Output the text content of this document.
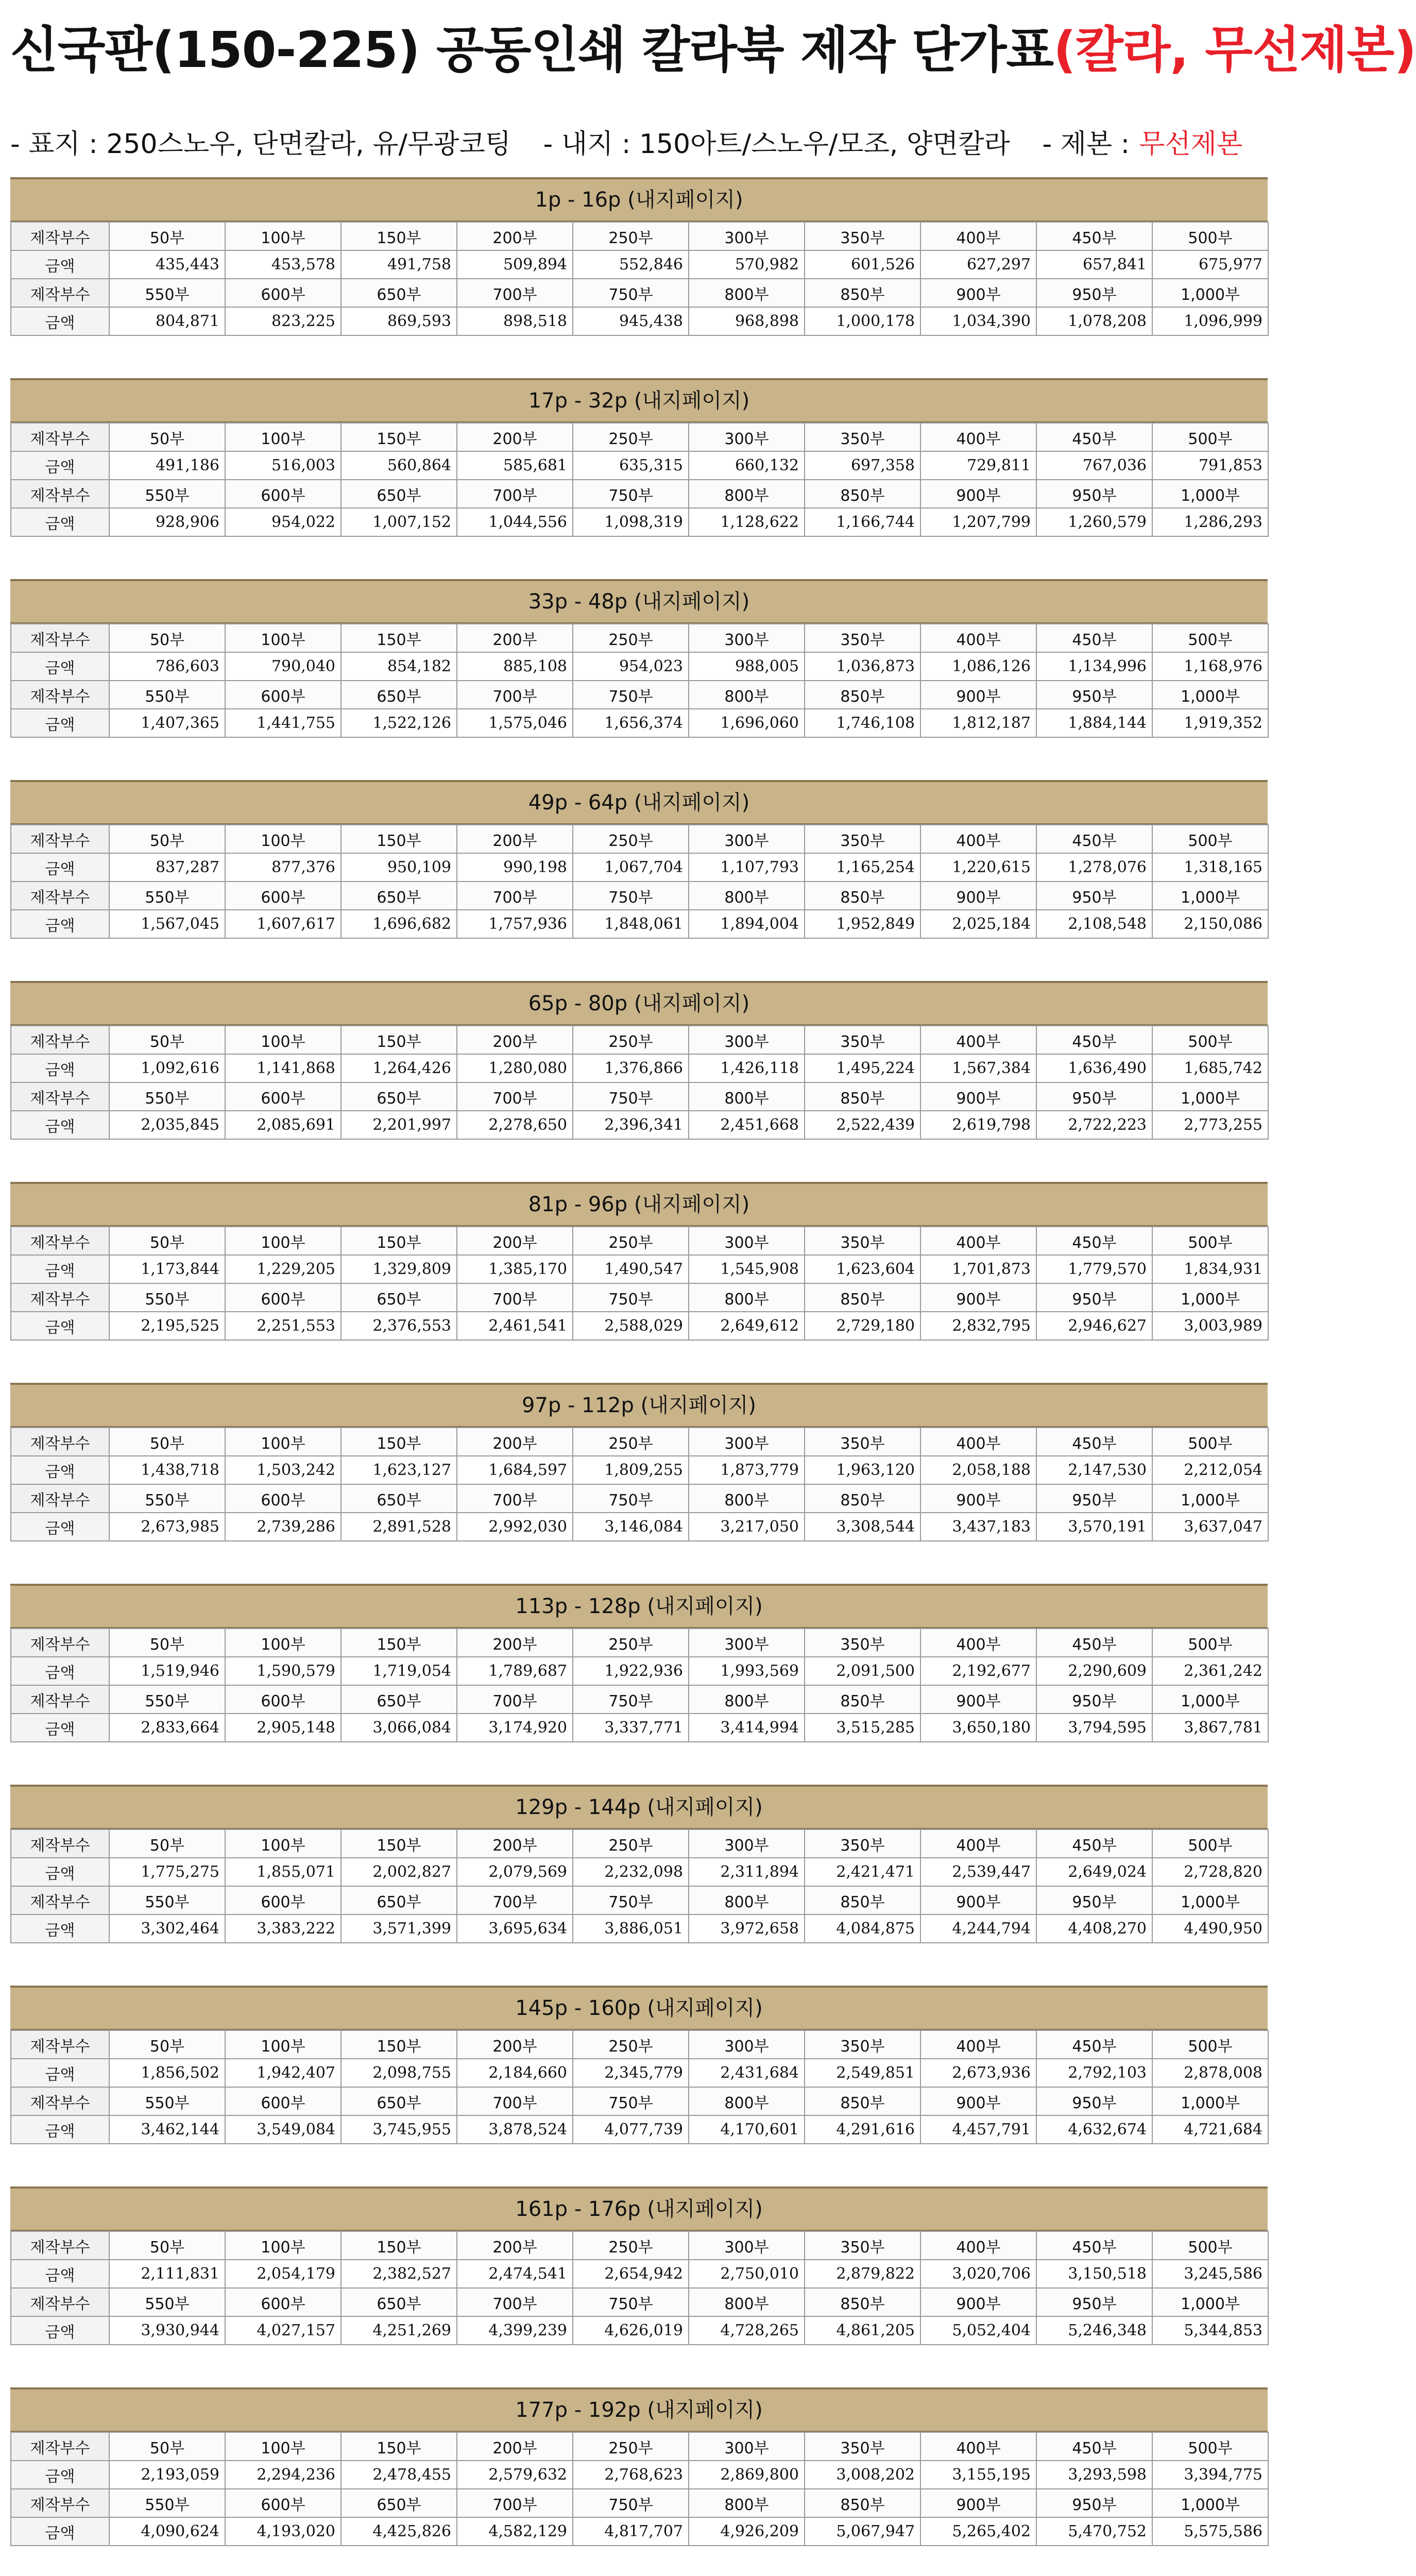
신국판(150-225) 공동인쇄 칼라북 제작 단가표(칼라, 무선제본)
- 표지 : 250스노우, 단면칼라, 유/무광코팅 - 내지 : 150아트/스노우/모조, 양면칼라 - 제본 : 무선제본
1p - 16p (내지페이지)
제작부수	50부	100부	150부	200부	250부	300부	350부	400부	450부	500부
금액	435,443	453,578	491,758	509,894	552,846	570,982	601,526	627,297	657,841	675,977
제작부수	550부	600부	650부	700부	750부	800부	850부	900부	950부	1,000부
금액	804,871	823,225	869,593	898,518	945,438	968,898	1,000,178	1,034,390	1,078,208	1,096,999
17p - 32p (내지페이지)
제작부수	50부	100부	150부	200부	250부	300부	350부	400부	450부	500부
금액	491,186	516,003	560,864	585,681	635,315	660,132	697,358	729,811	767,036	791,853
제작부수	550부	600부	650부	700부	750부	800부	850부	900부	950부	1,000부
금액	928,906	954,022	1,007,152	1,044,556	1,098,319	1,128,622	1,166,744	1,207,799	1,260,579	1,286,293
33p - 48p (내지페이지)
제작부수	50부	100부	150부	200부	250부	300부	350부	400부	450부	500부
금액	786,603	790,040	854,182	885,108	954,023	988,005	1,036,873	1,086,126	1,134,996	1,168,976
제작부수	550부	600부	650부	700부	750부	800부	850부	900부	950부	1,000부
금액	1,407,365	1,441,755	1,522,126	1,575,046	1,656,374	1,696,060	1,746,108	1,812,187	1,884,144	1,919,352
49p - 64p (내지페이지)
제작부수	50부	100부	150부	200부	250부	300부	350부	400부	450부	500부
금액	837,287	877,376	950,109	990,198	1,067,704	1,107,793	1,165,254	1,220,615	1,278,076	1,318,165
제작부수	550부	600부	650부	700부	750부	800부	850부	900부	950부	1,000부
금액	1,567,045	1,607,617	1,696,682	1,757,936	1,848,061	1,894,004	1,952,849	2,025,184	2,108,548	2,150,086
65p - 80p (내지페이지)
제작부수	50부	100부	150부	200부	250부	300부	350부	400부	450부	500부
금액	1,092,616	1,141,868	1,264,426	1,280,080	1,376,866	1,426,118	1,495,224	1,567,384	1,636,490	1,685,742
제작부수	550부	600부	650부	700부	750부	800부	850부	900부	950부	1,000부
금액	2,035,845	2,085,691	2,201,997	2,278,650	2,396,341	2,451,668	2,522,439	2,619,798	2,722,223	2,773,255
81p - 96p (내지페이지)
제작부수	50부	100부	150부	200부	250부	300부	350부	400부	450부	500부
금액	1,173,844	1,229,205	1,329,809	1,385,170	1,490,547	1,545,908	1,623,604	1,701,873	1,779,570	1,834,931
제작부수	550부	600부	650부	700부	750부	800부	850부	900부	950부	1,000부
금액	2,195,525	2,251,553	2,376,553	2,461,541	2,588,029	2,649,612	2,729,180	2,832,795	2,946,627	3,003,989
97p - 112p (내지페이지)
제작부수	50부	100부	150부	200부	250부	300부	350부	400부	450부	500부
금액	1,438,718	1,503,242	1,623,127	1,684,597	1,809,255	1,873,779	1,963,120	2,058,188	2,147,530	2,212,054
제작부수	550부	600부	650부	700부	750부	800부	850부	900부	950부	1,000부
금액	2,673,985	2,739,286	2,891,528	2,992,030	3,146,084	3,217,050	3,308,544	3,437,183	3,570,191	3,637,047
113p - 128p (내지페이지)
제작부수	50부	100부	150부	200부	250부	300부	350부	400부	450부	500부
금액	1,519,946	1,590,579	1,719,054	1,789,687	1,922,936	1,993,569	2,091,500	2,192,677	2,290,609	2,361,242
제작부수	550부	600부	650부	700부	750부	800부	850부	900부	950부	1,000부
금액	2,833,664	2,905,148	3,066,084	3,174,920	3,337,771	3,414,994	3,515,285	3,650,180	3,794,595	3,867,781
129p - 144p (내지페이지)
제작부수	50부	100부	150부	200부	250부	300부	350부	400부	450부	500부
금액	1,775,275	1,855,071	2,002,827	2,079,569	2,232,098	2,311,894	2,421,471	2,539,447	2,649,024	2,728,820
제작부수	550부	600부	650부	700부	750부	800부	850부	900부	950부	1,000부
금액	3,302,464	3,383,222	3,571,399	3,695,634	3,886,051	3,972,658	4,084,875	4,244,794	4,408,270	4,490,950
145p - 160p (내지페이지)
제작부수	50부	100부	150부	200부	250부	300부	350부	400부	450부	500부
금액	1,856,502	1,942,407	2,098,755	2,184,660	2,345,779	2,431,684	2,549,851	2,673,936	2,792,103	2,878,008
제작부수	550부	600부	650부	700부	750부	800부	850부	900부	950부	1,000부
금액	3,462,144	3,549,084	3,745,955	3,878,524	4,077,739	4,170,601	4,291,616	4,457,791	4,632,674	4,721,684
161p - 176p (내지페이지)
제작부수	50부	100부	150부	200부	250부	300부	350부	400부	450부	500부
금액	2,111,831	2,054,179	2,382,527	2,474,541	2,654,942	2,750,010	2,879,822	3,020,706	3,150,518	3,245,586
제작부수	550부	600부	650부	700부	750부	800부	850부	900부	950부	1,000부
금액	3,930,944	4,027,157	4,251,269	4,399,239	4,626,019	4,728,265	4,861,205	5,052,404	5,246,348	5,344,853
177p - 192p (내지페이지)
제작부수	50부	100부	150부	200부	250부	300부	350부	400부	450부	500부
금액	2,193,059	2,294,236	2,478,455	2,579,632	2,768,623	2,869,800	3,008,202	3,155,195	3,293,598	3,394,775
제작부수	550부	600부	650부	700부	750부	800부	850부	900부	950부	1,000부
금액	4,090,624	4,193,020	4,425,826	4,582,129	4,817,707	4,926,209	5,067,947	5,265,402	5,470,752	5,575,586
